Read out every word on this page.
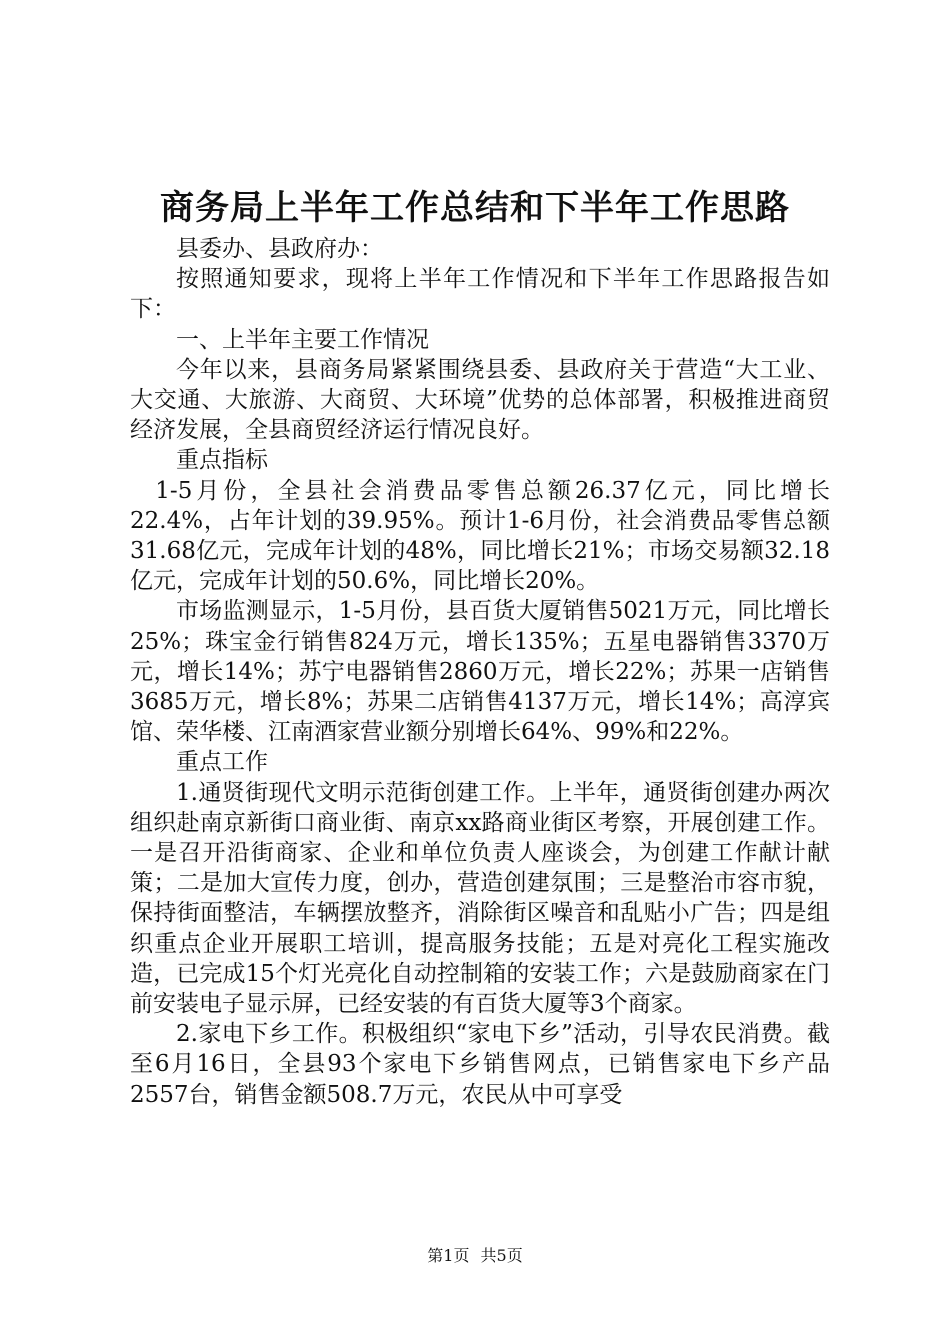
商务局上半年工作总结和下半年工作思路

县委办、县政府办：

按照通知要求，现将上半年工作情况和下半年工作思路报告如下：

一、上半年主要工作情况

今年以来，县商务局紧紧围绕县委、县政府关于营造“大工业、大交通、大旅游、大商贸、大环境”优势的总体部署，积极推进商贸经济发展，全县商贸经济运行情况良好。

重点指标

1-5月份，全县社会消费品零售总额26.37亿元，同比增长22.4%，占年计划的39.95%。预计1-6月份，社会消费品零售总额31.68亿元，完成年计划的48%，同比增长21%；市场交易额32.18亿元，完成年计划的50.6%，同比增长20%。

市场监测显示，1-5月份，县百货大厦销售5021万元，同比增长25%；珠宝金行销售824万元，增长135%；五星电器销售3370万元，增长14%；苏宁电器销售2860万元，增长22%；苏果一店销售3685万元，增长8%；苏果二店销售4137万元，增长14%；高淳宾馆、荣华楼、江南酒家营业额分别增长64%、99%和22%。

重点工作

1.通贤街现代文明示范街创建工作。上半年，通贤街创建办两次组织赴南京新街口商业街、南京xx路商业街区考察，开展创建工作。一是召开沿街商家、企业和单位负责人座谈会，为创建工作献计献策；二是加大宣传力度，创办，营造创建氛围；三是整治市容市貌，保持街面整洁，车辆摆放整齐，消除街区噪音和乱贴小广告；四是组织重点企业开展职工培训，提高服务技能；五是对亮化工程实施改造，已完成15个灯光亮化自动控制箱的安装工作；六是鼓励商家在门前安装电子显示屏，已经安装的有百货大厦等3个商家。

2.家电下乡工作。积极组织“家电下乡”活动，引导农民消费。截至6月16日，全县93个家电下乡销售网点，已销售家电下乡产品2557台，销售金额508.7万元，农民从中可享受

第1页 共5页
